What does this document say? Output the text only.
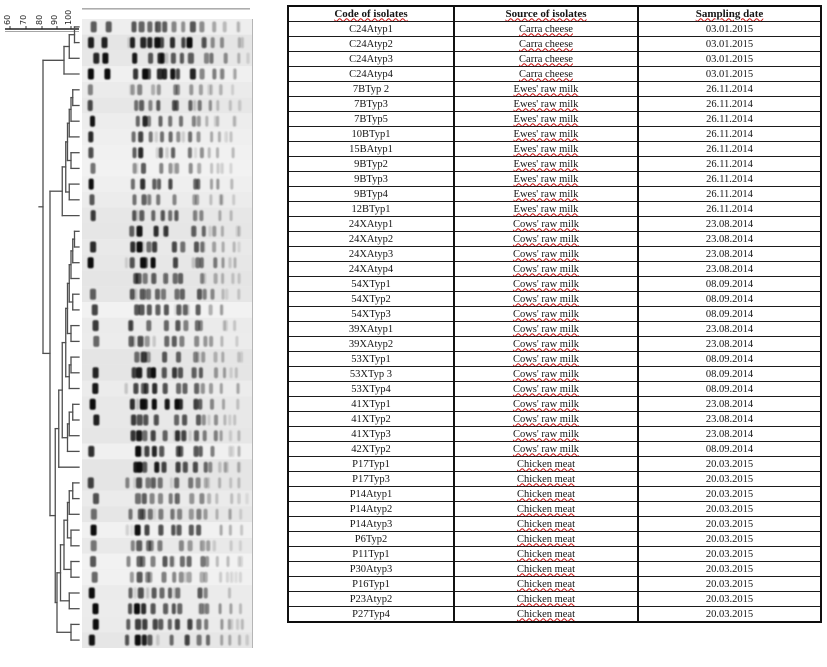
60 70 80 90 100	Code of isolates	Source of isolates	Sampling date
C24Atyp1	Carra cheese	03.01.2015
C24Atyp2	Carra cheese	03.01.2015
C24Atyp3	Carra cheese	03.01.2015
C24Atyp4	Carra cheese	03.01.2015
7BTyp 2	Ewes' raw milk	26.11.2014
7BTyp3	Ewes' raw milk	26.11.2014
7BTyp5	Ewes' raw milk	26.11.2014
10BTyp1	Ewes' raw milk	26.11.2014
15BAtyp1	Ewes' raw milk	26.11.2014
9BTyp2	Ewes' raw milk	26.11.2014
9BTyp3	Ewes' raw milk	26.11.2014
9BTyp4	Ewes' raw milk	26.11.2014
12BTyp1	Ewes' raw milk	26.11.2014
24XAtyp1	Cows' raw milk	23.08.2014
24XAtyp2	Cows' raw milk	23.08.2014
24XAtyp3	Cows' raw milk	23.08.2014
24XAtyp4	Cows' raw milk	23.08.2014
54XTyp1	Cows' raw milk	08.09.2014
54XTyp2	Cows' raw milk	08.09.2014
54XTyp3	Cows' raw milk	08.09.2014
39XAtyp1	Cows' raw milk	23.08.2014
39XAtyp2	Cows' raw milk	23.08.2014
53XTyp1	Cows' raw milk	08.09.2014
53XTyp 3	Cows' raw milk	08.09.2014
53XTyp4	Cows' raw milk	08.09.2014
41XTyp1	Cows' raw milk	23.08.2014
41XTyp2	Cows' raw milk	23.08.2014
41XTyp3	Cows' raw milk	23.08.2014
42XTyp2	Cows' raw milk	08.09.2014
P17Typ1	Chicken meat	20.03.2015
P17Typ3	Chicken meat	20.03.2015
P14Atyp1	Chicken meat	20.03.2015
P14Atyp2	Chicken meat	20.03.2015
P14Atyp3	Chicken meat	20.03.2015
P6Typ2	Chicken meat	20.03.2015
P11Typ1	Chicken meat	20.03.2015
P30Atyp3	Chicken meat	20.03.2015
P16Typ1	Chicken meat	20.03.2015
P23Atyp2	Chicken meat	20.03.2015
P27Typ4	Chicken meat	20.03.2015
